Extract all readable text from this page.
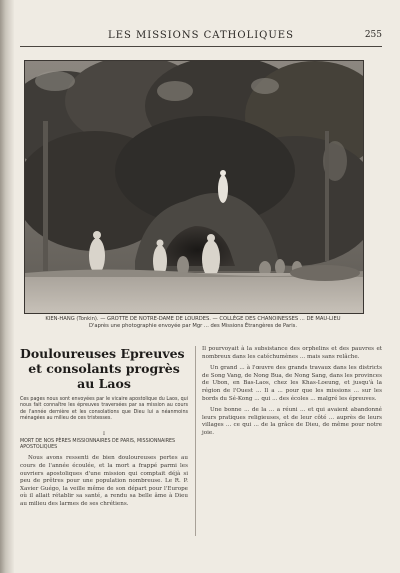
LES MISSIONS CATHOLIQUES	255
KIEN-HANG (Tonkin). — GROTTE DE NOTRE-DAME DE LOURDES. — COLLÈGE DES CHANOINESSES ... DE MAU-LIEU
D'après une photographie envoyée par Mgr ... des Missions Étrangères de Paris.
Douloureuses Epreuves
et consolants progrès au Laos
Ces pages nous sont envoyées par le vicaire apostolique du Laos, qui nous fait connaître les épreuves traversées par sa mission au cours de l'année dernière et les consolations que Dieu lui a néanmoins ménagées au milieu de ces tristesses.
I
MORT DE NOS PÈRES MISSIONNAIRES DE PARIS, MISSIONNAIRES APOSTOLIQUES
Nous avons ressenti de bien douloureuses pertes au cours de l'année écoulée, et la mort a frappé parmi les ouvriers apostoliques d'une mission qui comptait déjà si peu de prêtres pour une population nombreuse. Le R. P. Xavier Guégo, la veille même de son départ pour l'Europe où il allait rétablir sa santé, a rendu sa belle âme à Dieu au milieu des larmes de ses chrétiens.
Il pourvoyait à la subsistance des orphelins et des pauvres et nombreux dans les catéchumènes ... mais sans relâche.
Un grand ... à l'œuvre des grands travaux dans les districts de Song Vang, de Nong Bua, de Nong Sang, dans les provinces de Ubon, en Bas-Laos, chez les Khas-Loeung, et jusqu'à la région de l'Ouest ... Il a ... pour que les missions ... sur les bords du Sé-Kong ... qui ... des écoles ... malgré les épreuves.
Une bonne ... de la ... a réuni ... et qui avaient abandonné leurs pratiques religieuses, et de leur côté ... auprès de leurs villages ... ce qui ... de la grâce de Dieu, de même pour notre joie.
